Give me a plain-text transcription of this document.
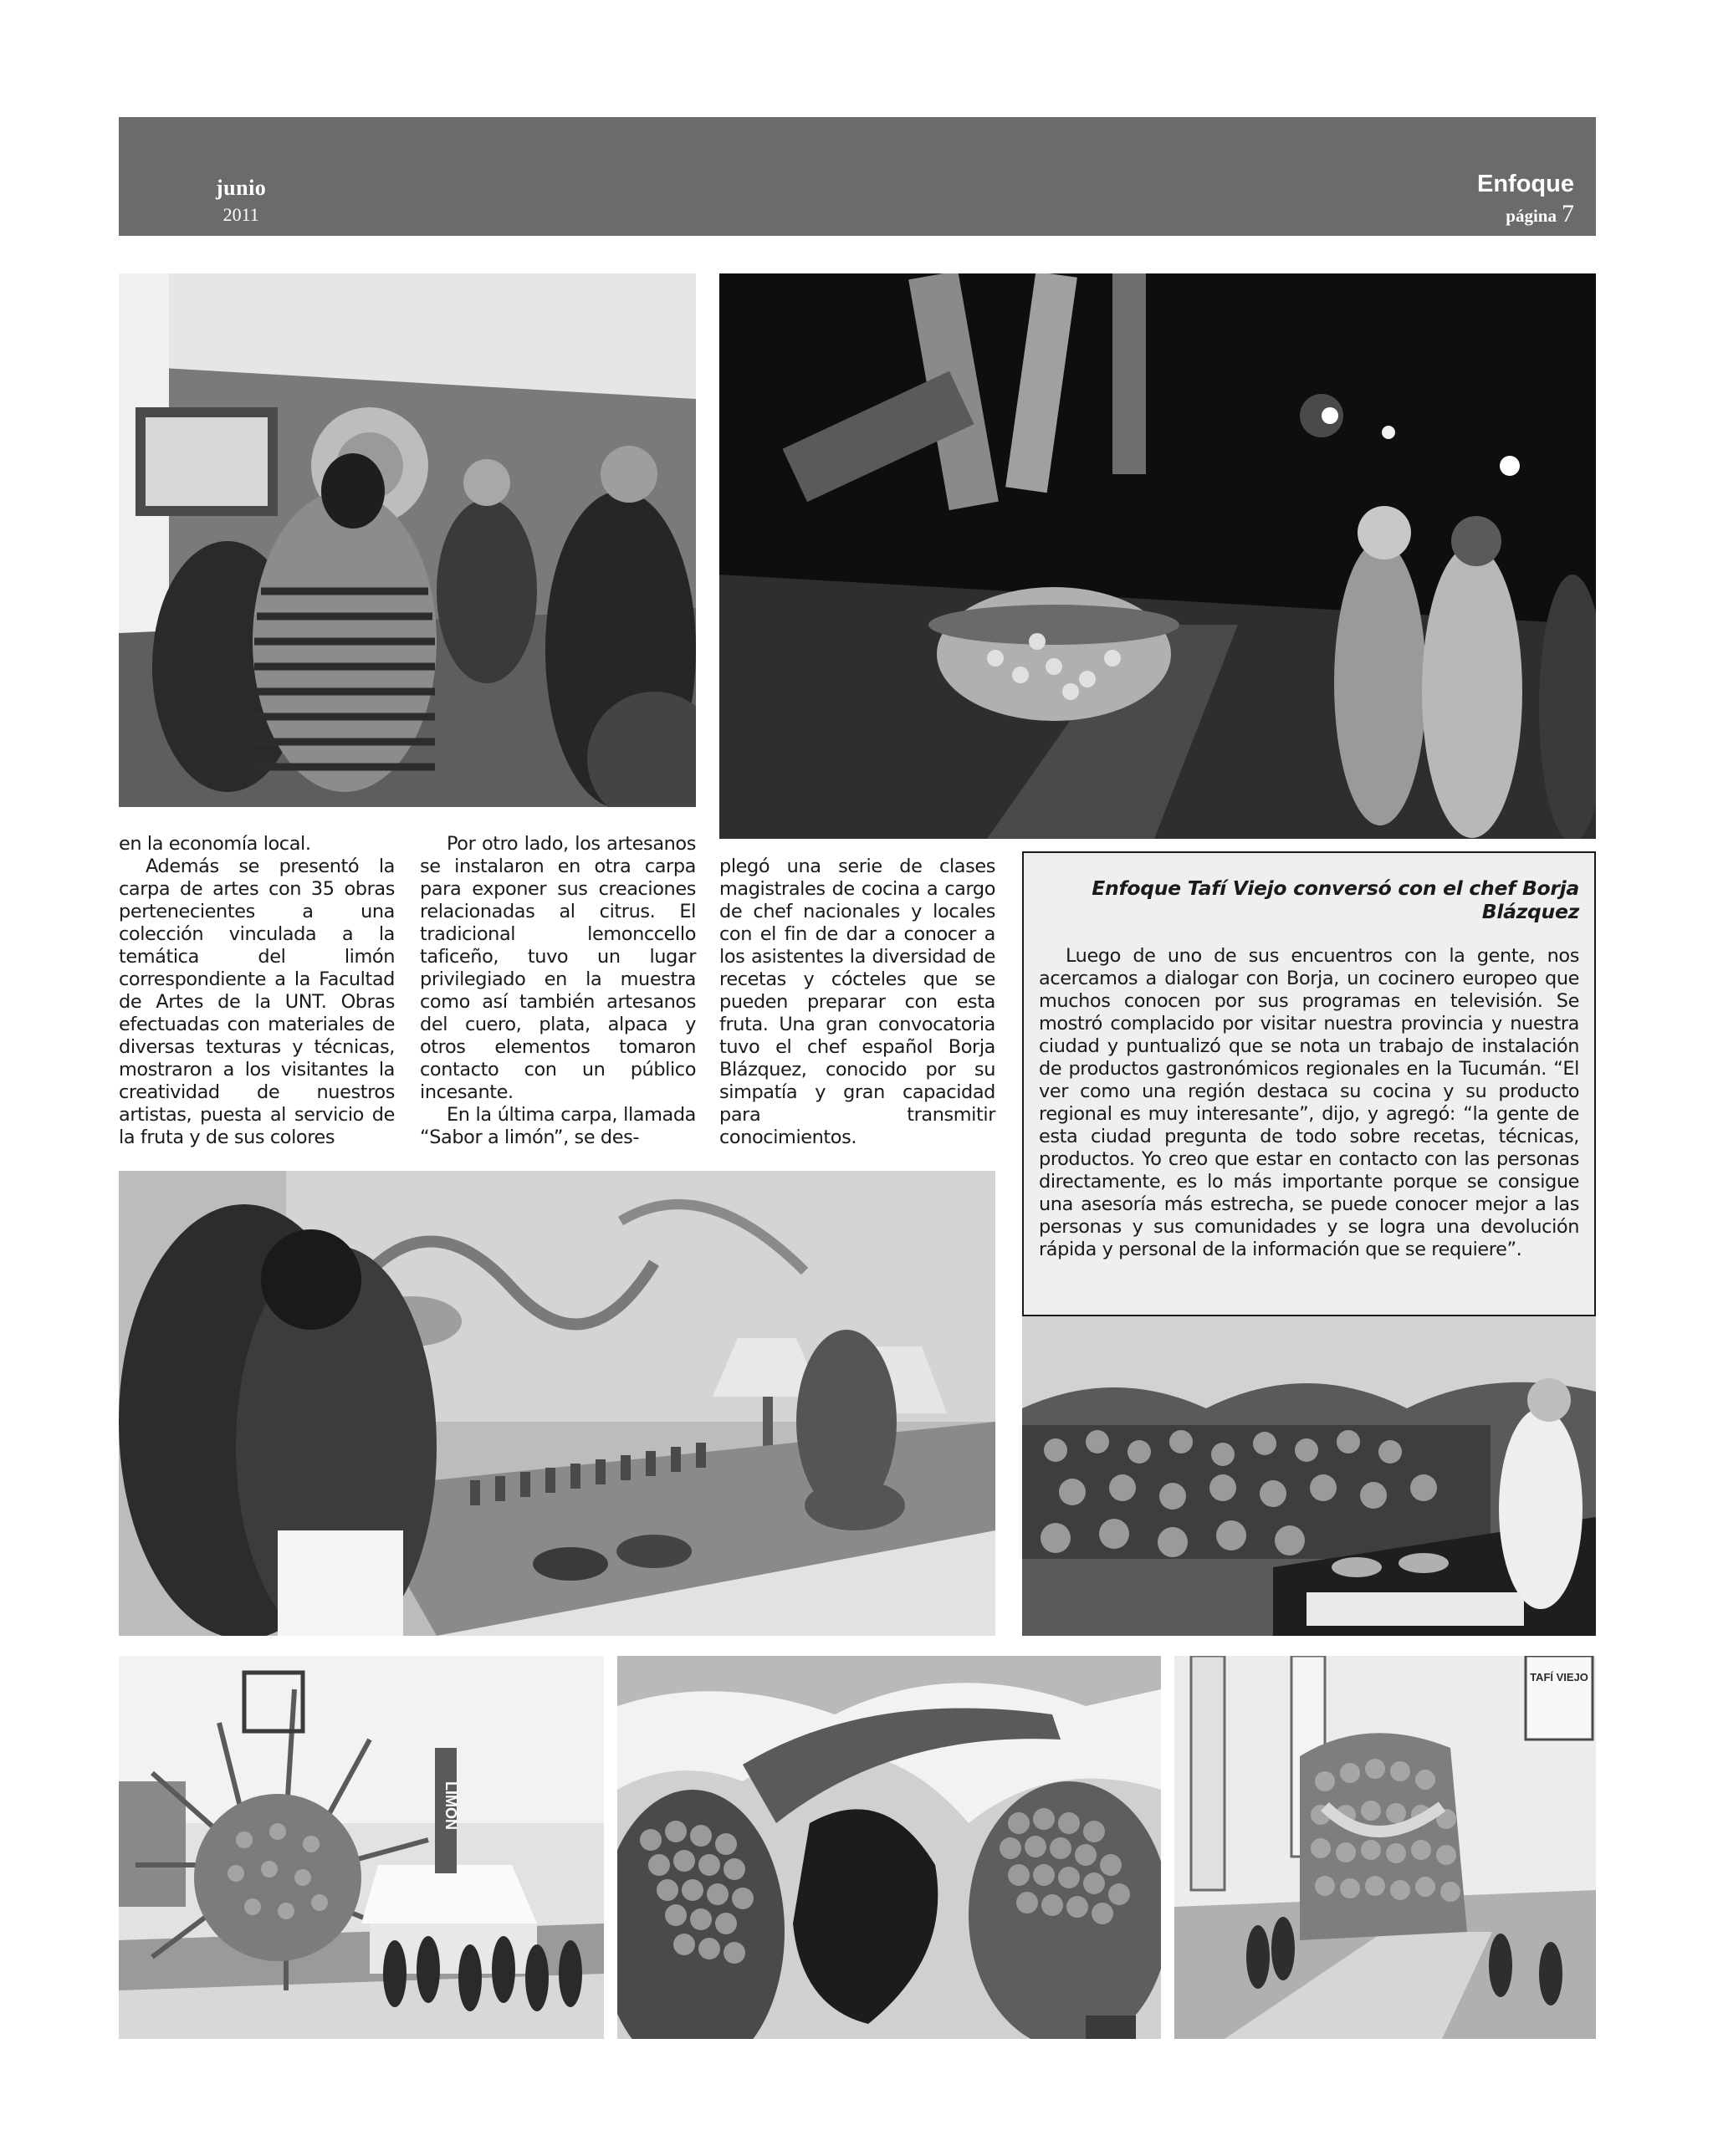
junio
2011
Enfoque
página 7

en la economía local.

Además se presentó la carpa de artes con 35 obras pertenecientes a una colección vinculada a la temática del limón correspondiente a la Facultad de Artes de la UNT. Obras efectuadas con materiales de diversas texturas y técnicas, mostraron a los visitantes la creatividad de nuestros artistas, puesta al servicio de la fruta y de sus colores

Por otro lado, los artesanos se instalaron en otra carpa para exponer sus creaciones relacionadas al citrus. El tradicional lemonccello taficeño, tuvo un lugar privilegiado en la muestra como así también artesanos del cuero, plata, alpaca y otros elementos tomaron contacto con un público incesante.

En la última carpa, llamada “Sabor a limón”, se des-

plegó una serie de clases magistrales de cocina a cargo de chef nacionales y locales con el fin de dar a conocer a los asistentes la diversidad de recetas y cócteles que se pueden preparar con esta fruta. Una gran convocatoria tuvo el chef español Borja Blázquez, conocido por su simpatía y gran capacidad para transmitir conocimientos.

Enfoque Tafí Viejo conversó con el chef Borja Blázquez

Luego de uno de sus encuentros con la gente, nos acercamos a dialogar con Borja, un cocinero europeo que muchos conocen por sus programas en televisión. Se mostró complacido por visitar nuestra provincia y nuestra ciudad y puntualizó que se nota un trabajo de instalación de productos gastronómicos regionales en la Tucumán. “El ver como una región destaca su cocina y su producto regional es muy interesante”, dijo, y agregó: “la gente de esta ciudad pregunta de todo sobre recetas, técnicas, productos. Yo creo que estar en contacto con las personas directamente, es lo más importante porque se consigue una asesoría más estrecha, se puede conocer mejor a las personas y sus comunidades y se logra una devolución rápida y personal de la información que se requiere”.

LIMÓN
TAFÍ VIEJO
